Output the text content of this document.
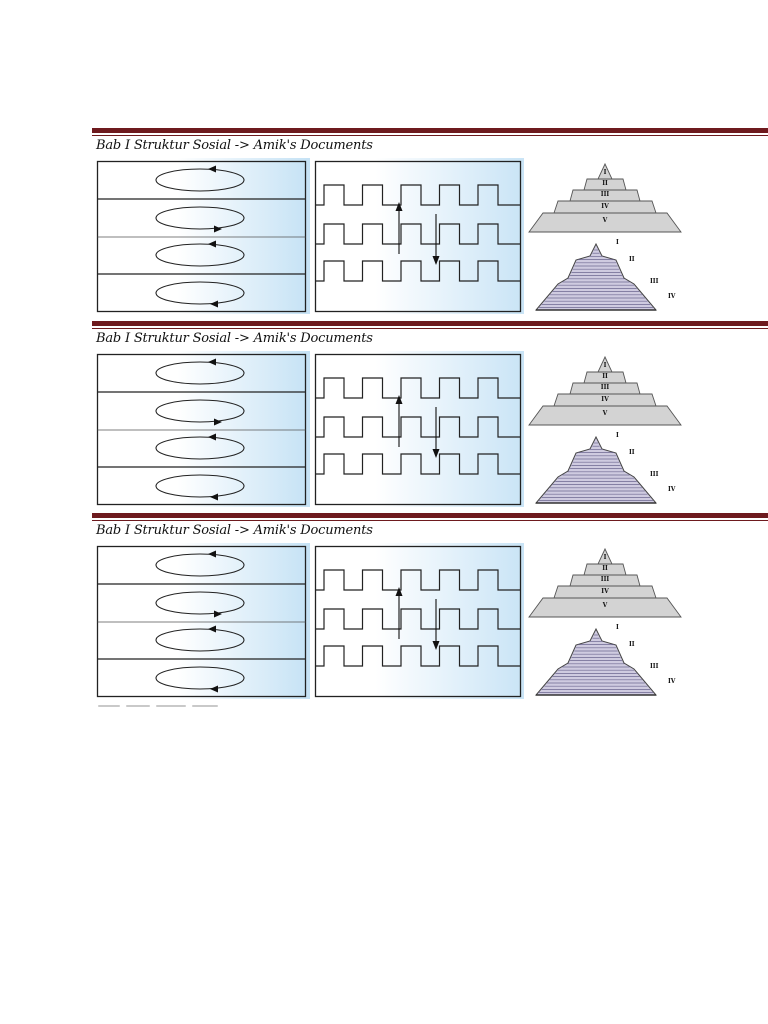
Bab I Struktur Sosial -> Amik's Documents
I
II
III
IV
V
I
II
III
IV
Bab I Struktur Sosial -> Amik's Documents
I
II
III
IV
V
I
II
III
IV
Bab I Struktur Sosial -> Amik's Documents
I
II
III
IV
V
I
II
III
IV
